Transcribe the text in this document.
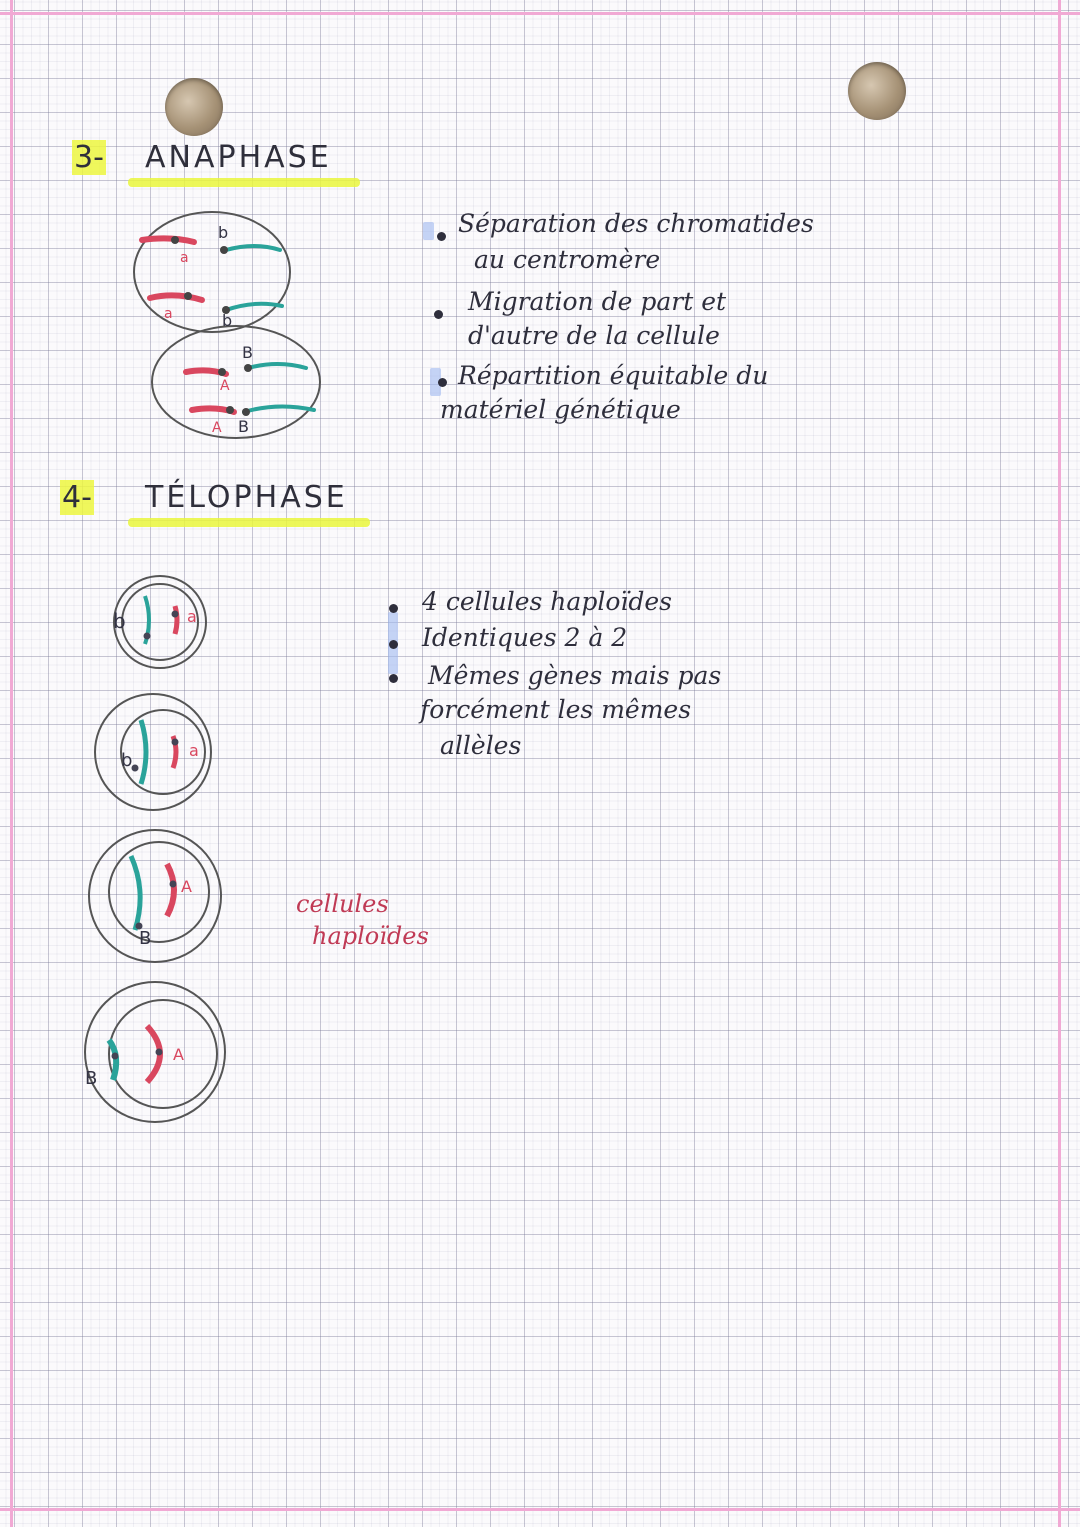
3- ANAPHASE
a
b
a	b
A
B
A B
Séparation des chromatides
au centromère
Migration de part et
d'autre de la cellule
Répartition équitable du
matériel génétique
4- TÉLOPHASE
b	a
b	a
B
A
B
A
4 cellules haploïdes
Identiques 2 à 2
Mêmes gènes mais pas
forcément les mêmes
allèles
cellules
haploïdes
